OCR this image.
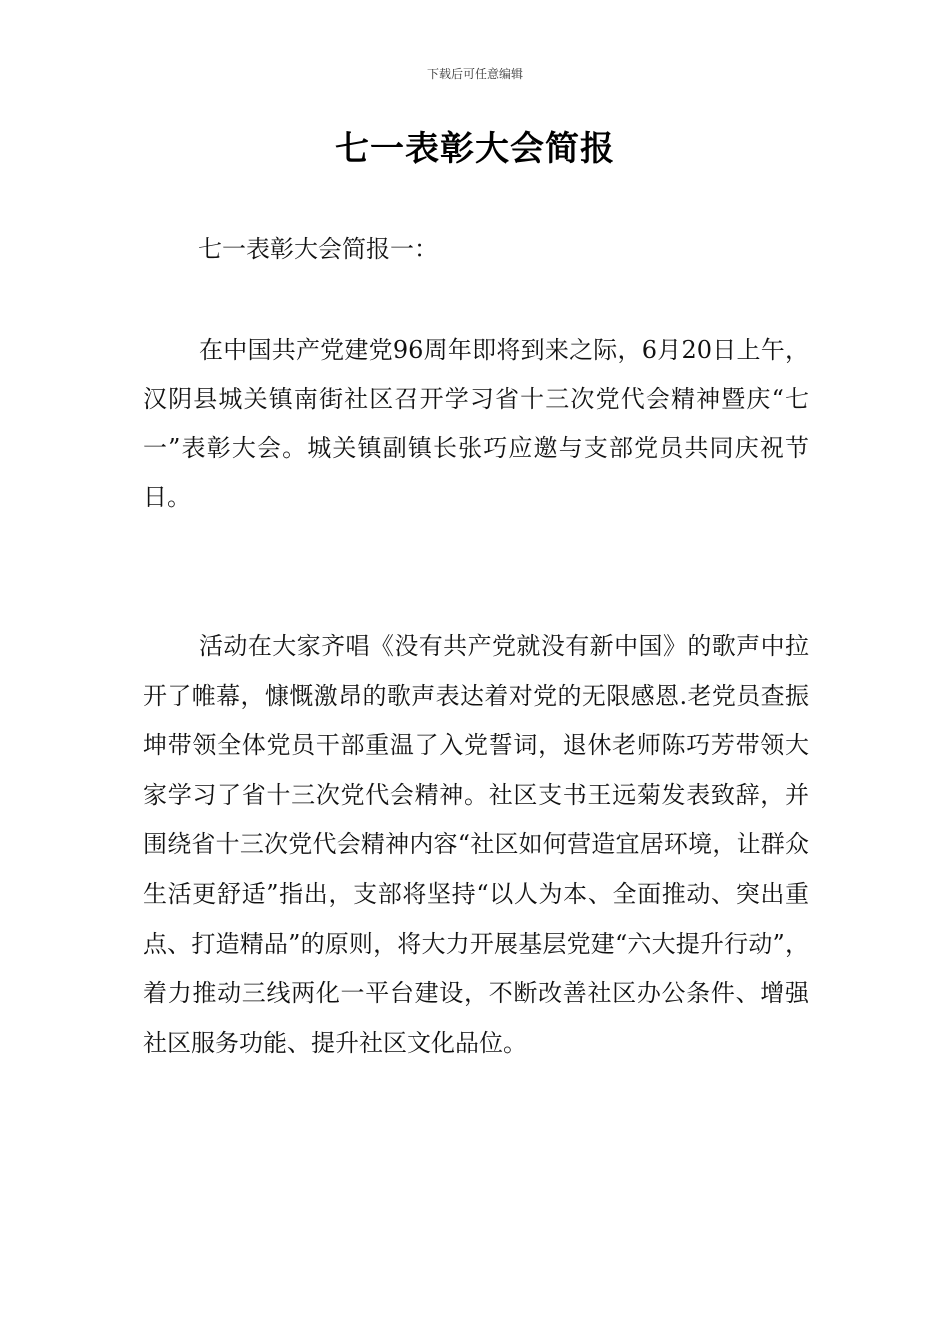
下载后可任意编辑
七一表彰大会简报
七一表彰大会简报一：

在中国共产党建党96周年即将到来之际，6月20日上午，汉阴县城关镇南街社区召开学习省十三次党代会精神暨庆“七一”表彰大会。城关镇副镇长张巧应邀与支部党员共同庆祝节日。

活动在大家齐唱《没有共产党就没有新中国》的歌声中拉开了帷幕，慷慨激昂的歌声表达着对党的无限感恩.老党员查振坤带领全体党员干部重温了入党誓词，退休老师陈巧芳带领大家学习了省十三次党代会精神。社区支书王远菊发表致辞，并围绕省十三次党代会精神内容“社区如何营造宜居环境，让群众生活更舒适”指出，支部将坚持“以人为本、全面推动、突出重点、打造精品”的原则，将大力开展基层党建“六大提升行动”，着力推动三线两化一平台建设，不断改善社区办公条件、增强社区服务功能、提升社区文化品位。
